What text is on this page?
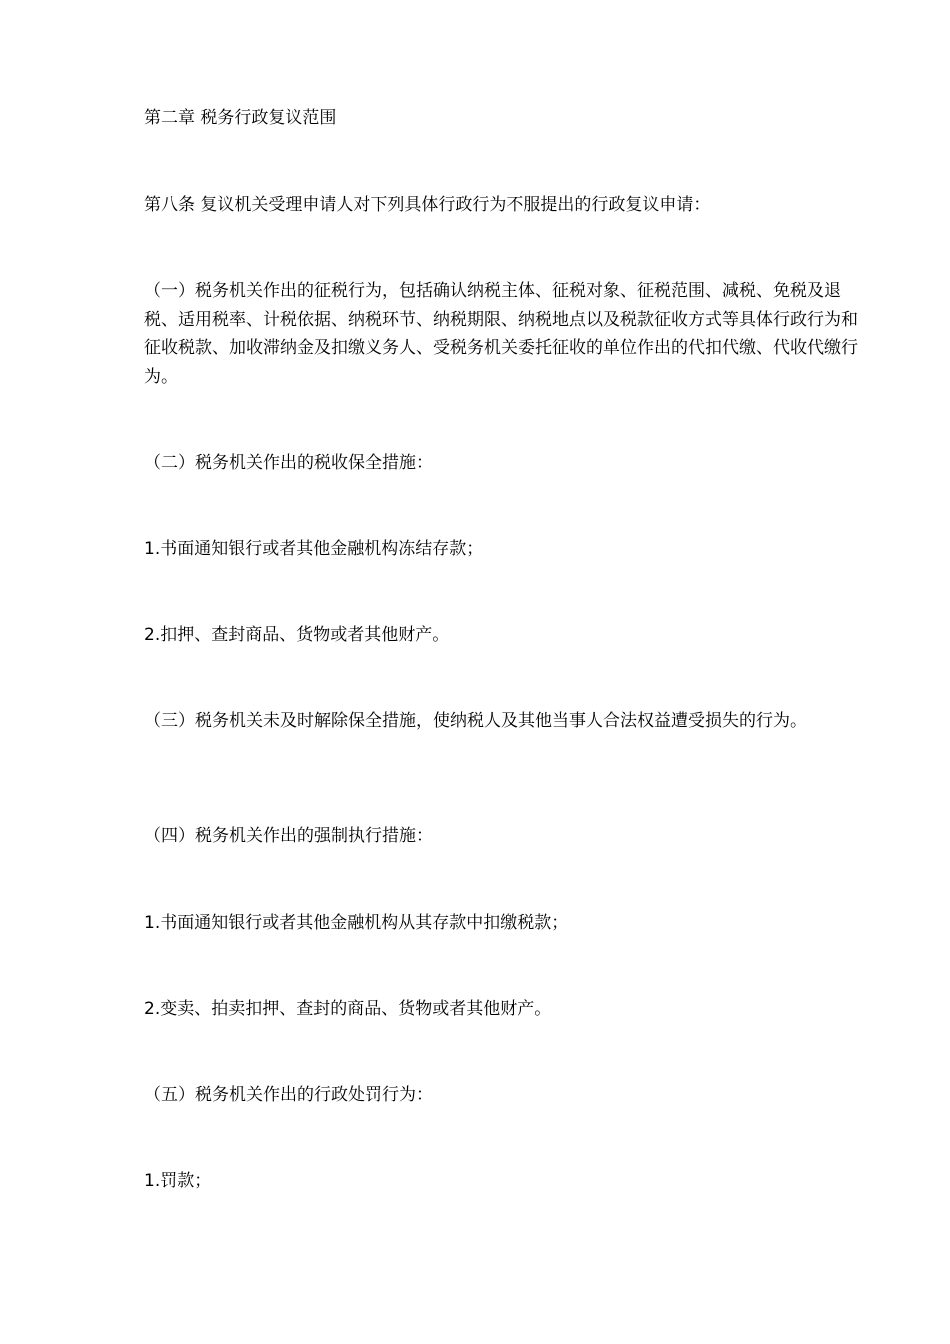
第二章 税务行政复议范围

第八条 复议机关受理申请人对下列具体行政行为不服提出的行政复议申请：

（一）税务机关作出的征税行为，包括确认纳税主体、征税对象、征税范围、减税、免税及退税、适用税率、计税依据、纳税环节、纳税期限、纳税地点以及税款征收方式等具体行政行为和征收税款、加收滞纳金及扣缴义务人、受税务机关委托征收的单位作出的代扣代缴、代收代缴行为。

（二）税务机关作出的税收保全措施：

1.书面通知银行或者其他金融机构冻结存款；

2.扣押、查封商品、货物或者其他财产。

（三）税务机关未及时解除保全措施，使纳税人及其他当事人合法权益遭受损失的行为。

（四）税务机关作出的强制执行措施：

1.书面通知银行或者其他金融机构从其存款中扣缴税款；

2.变卖、拍卖扣押、查封的商品、货物或者其他财产。

（五）税务机关作出的行政处罚行为：

1.罚款；
